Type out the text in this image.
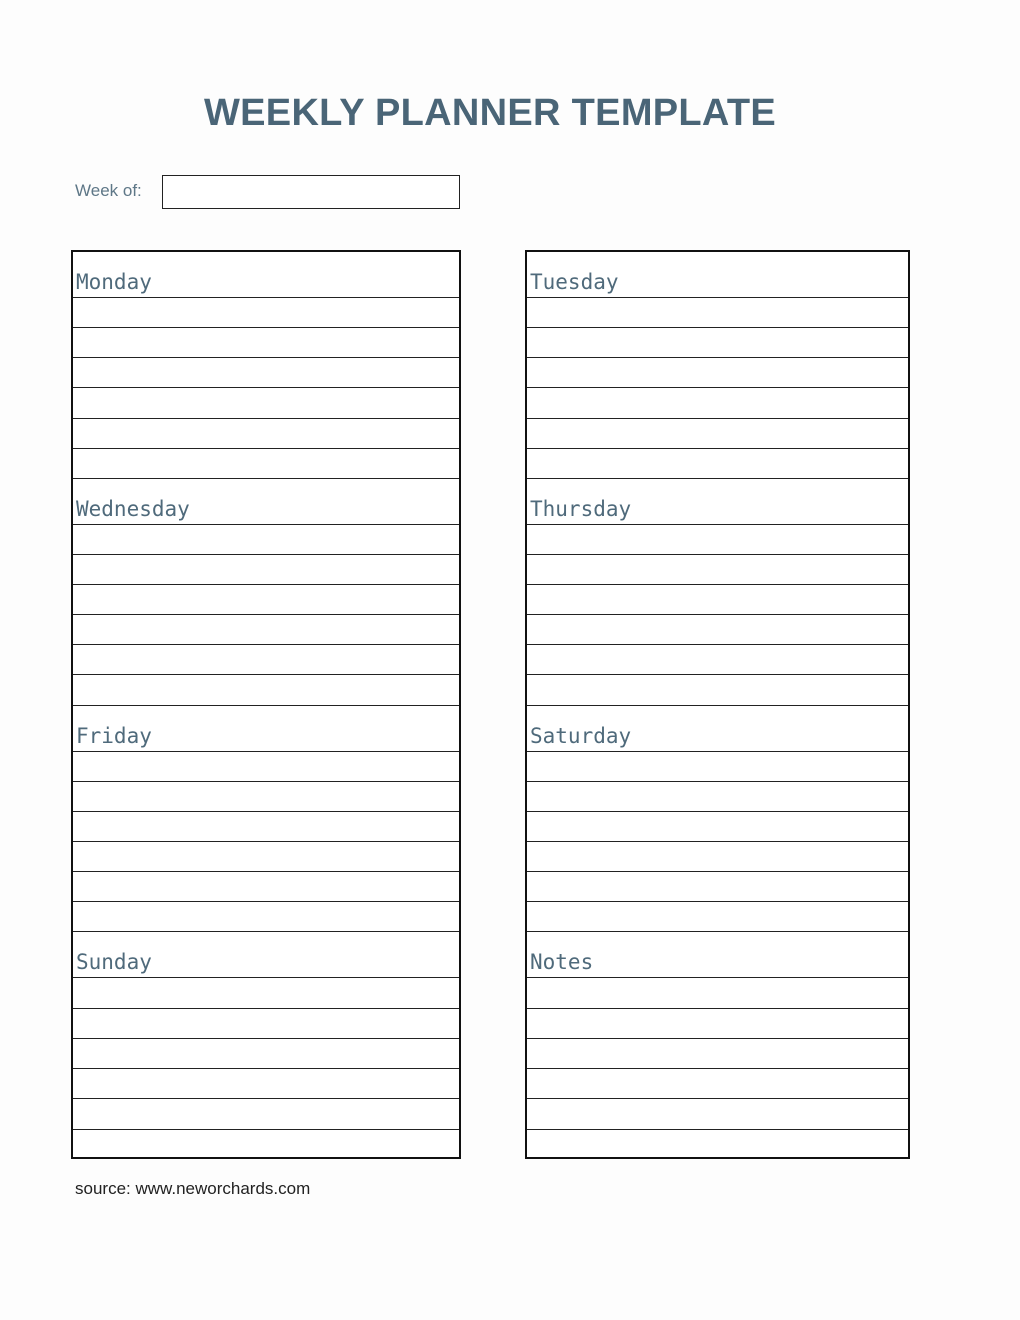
WEEKLY PLANNER TEMPLATE
Week of:
Monday
Wednesday
Friday
Sunday
Tuesday
Thursday
Saturday
Notes
source: www.neworchards.com
